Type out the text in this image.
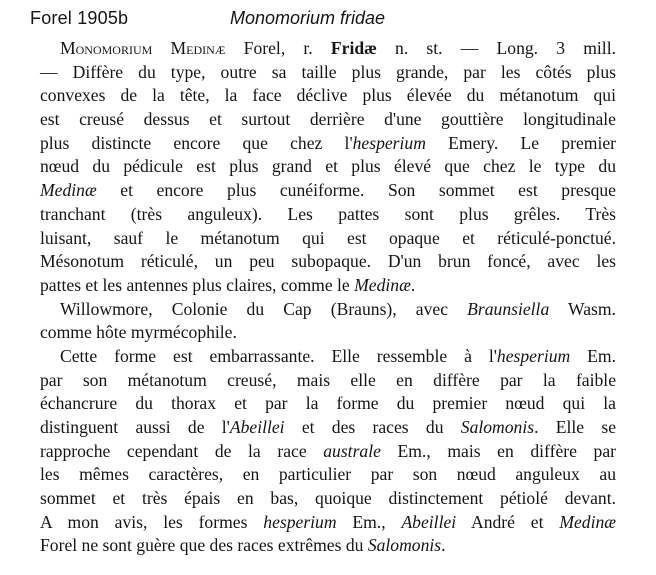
Forel 1905b	Monomorium fridae
Monomorium Medinæ Forel, r. Fridæ n. st. — Long. 3 mill.
— Diffère du type, outre sa taille plus grande, par les côtés plus
convexes de la tête, la face déclive plus élevée du métanotum qui
est creusé dessus et surtout derrière d'une gouttière longitudinale
plus distincte encore que chez l'hesperium Emery. Le premier
nœud du pédicule est plus grand et plus élevé que chez le type du
Medinæ et encore plus cunéiforme. Son sommet est presque
tranchant (très anguleux). Les pattes sont plus grêles. Très
luisant, sauf le métanotum qui est opaque et réticulé-ponctué.
Mésonotum réticulé, un peu subopaque. D'un brun foncé, avec les
pattes et les antennes plus claires, comme le Medinæ.
Willowmore, Colonie du Cap (Brauns), avec Braunsiella Wasm.
comme hôte myrmécophile.
Cette forme est embarrassante. Elle ressemble à l'hesperium Em.
par son métanotum creusé, mais elle en diffère par la faible
échancrure du thorax et par la forme du premier nœud qui la
distinguent aussi de l'Abeillei et des races du Salomonis. Elle se
rapproche cependant de la race australe Em., mais en diffère par
les mêmes caractères, en particulier par son nœud anguleux au
sommet et très épais en bas, quoique distinctement pétiolé devant.
A mon avis, les formes hesperium Em., Abeillei André et Medinæ
Forel ne sont guère que des races extrêmes du Salomonis.
